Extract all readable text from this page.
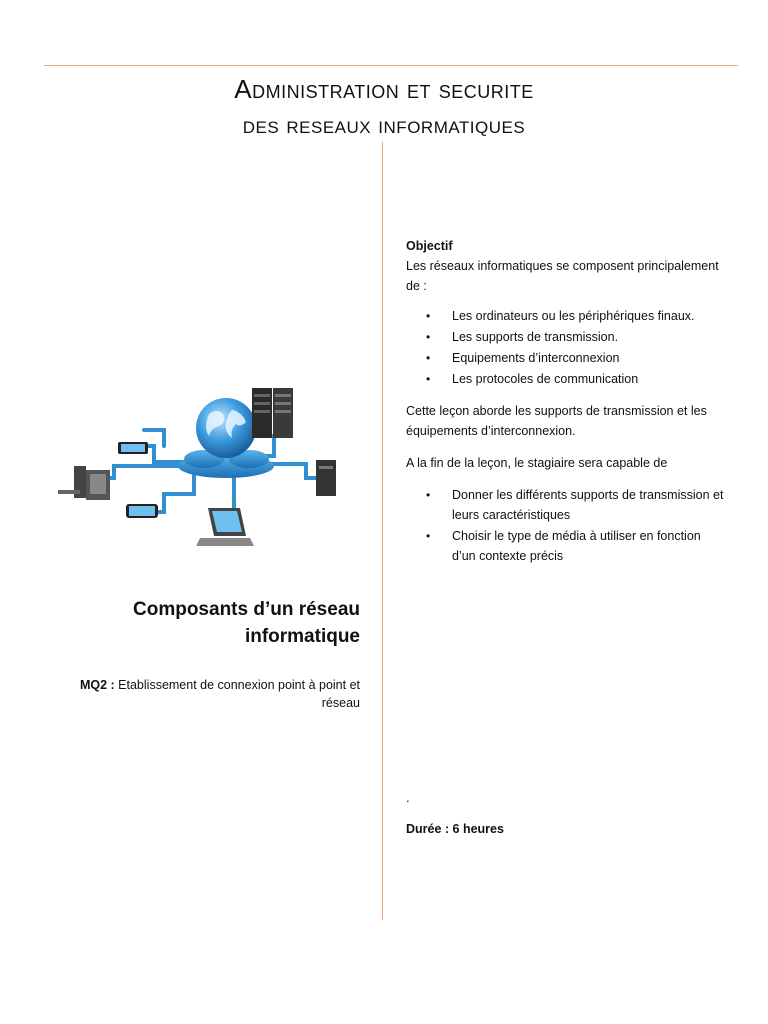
Administration et securite
des reseaux informatiques
Composants d’un réseau informatique
MQ2 : Etablissement de connexion point à point et réseau
Objectif

Les réseaux informatiques se composent principalement de :

• Les ordinateurs ou les périphériques finaux.
• Les supports de transmission.
• Equipements d’interconnexion
• Les protocoles de communication

Cette leçon aborde les supports de transmission et les équipements d’interconnexion.

A la fin de la leçon, le stagiaire sera capable de

• Donner les différents supports de transmission et leurs caractéristiques
• Choisir le type de média à utiliser en fonction d’un contexte précis
.
Durée : 6 heures
